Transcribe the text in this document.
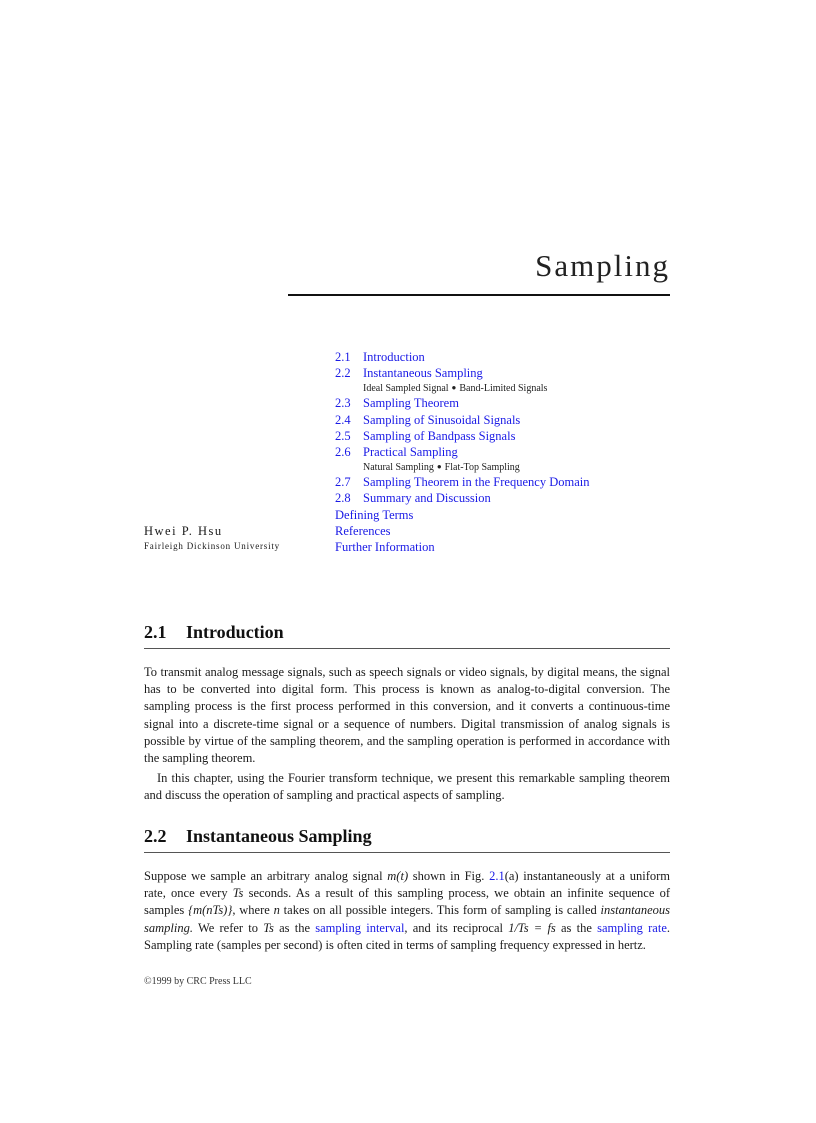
Sampling
2.1 Introduction
2.2 Instantaneous Sampling
Ideal Sampled Signal ● Band-Limited Signals
2.3 Sampling Theorem
2.4 Sampling of Sinusoidal Signals
2.5 Sampling of Bandpass Signals
2.6 Practical Sampling
Natural Sampling ● Flat-Top Sampling
2.7 Sampling Theorem in the Frequency Domain
2.8 Summary and Discussion
Defining Terms
References
Further Information
Hwei P. Hsu
Fairleigh Dickinson University
2.1 Introduction
To transmit analog message signals, such as speech signals or video signals, by digital means, the signal has to be converted into digital form. This process is known as analog-to-digital conversion. The sampling process is the first process performed in this conversion, and it converts a continuous-time signal into a discrete-time signal or a sequence of numbers. Digital transmission of analog signals is possible by virtue of the sampling theorem, and the sampling operation is performed in accordance with the sampling theorem.
In this chapter, using the Fourier transform technique, we present this remarkable sampling theorem and discuss the operation of sampling and practical aspects of sampling.
2.2 Instantaneous Sampling
Suppose we sample an arbitrary analog signal m(t) shown in Fig. 2.1(a) instantaneously at a uniform rate, once every Ts seconds. As a result of this sampling process, we obtain an infinite sequence of samples {m(nTs)}, where n takes on all possible integers. This form of sampling is called instantaneous sampling. We refer to Ts as the sampling interval, and its reciprocal 1/Ts = fs as the sampling rate. Sampling rate (samples per second) is often cited in terms of sampling frequency expressed in hertz.
©1999 by CRC Press LLC
